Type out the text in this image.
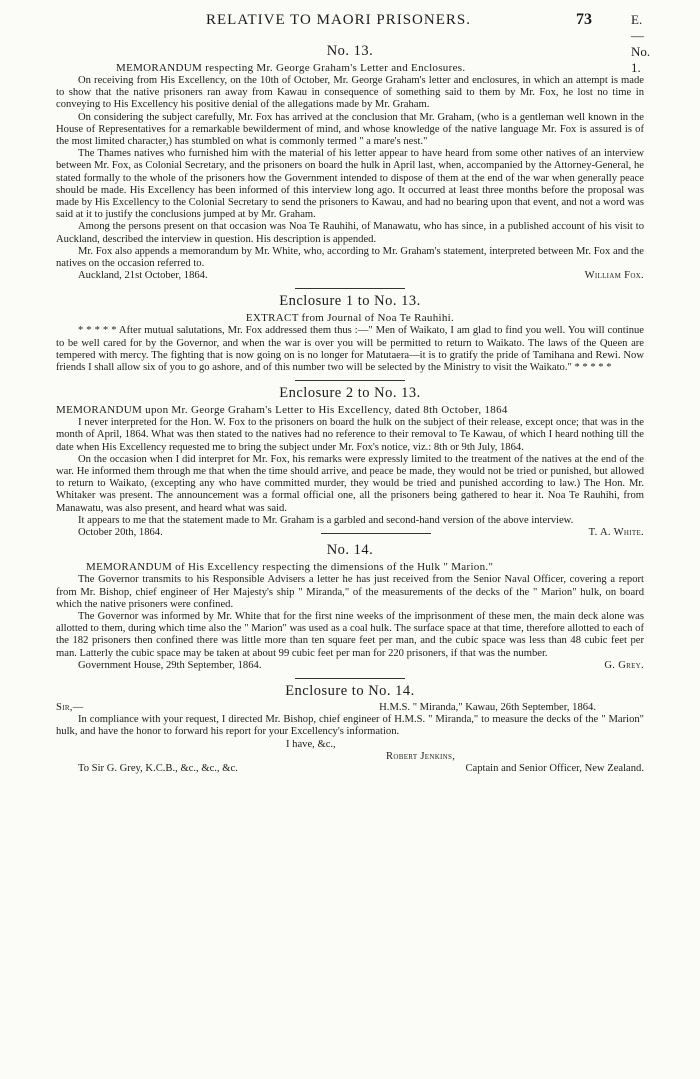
RELATIVE TO MAORI PRISONERS.	73	E.—No. 1.
No. 13.
MEMORANDUM respecting Mr. George Graham's Letter and Enclosures.

On receiving from His Excellency, on the 10th of October, Mr. George Graham's letter and enclosures, in which an attempt is made to show that the native prisoners ran away from Kawau in consequence of something said to them by Mr. Fox, he lost no time in conveying to His Excellency his positive denial of the allegations made by Mr. Graham.

On considering the subject carefully, Mr. Fox has arrived at the conclusion that Mr. Graham, (who is a gentleman well known in the House of Representatives for a remarkable bewilderment of mind, and whose knowledge of the native language Mr. Fox is assured is of the most limited character,) has stumbled on what is commonly termed " a mare's nest."

The Thames natives who furnished him with the material of his letter appear to have heard from some other natives of an interview between Mr. Fox, as Colonial Secretary, and the prisoners on board the hulk in April last, when, accompanied by the Attorney-General, he stated formally to the whole of the prisoners how the Government intended to dispose of them at the end of the war when generally peace should be made. His Excellency has been informed of this interview long ago. It occurred at least three months before the proposal was made by His Excellency to the Colonial Secretary to send the prisoners to Kawau, and had no bearing upon that event, and not a word was said at it to justify the conclusions jumped at by Mr. Graham.

Among the persons present on that occasion was Noa Te Rauhihi, of Manawatu, who has since, in a published account of his visit to Auckland, described the interview in question. His description is appended.

Mr. Fox also appends a memorandum by Mr. White, who, according to Mr. Graham's statement, interpreted between Mr. Fox and the natives on the occasion referred to.

Auckland, 21st October, 1864.	William Fox.
Enclosure 1 to No. 13.
EXTRACT from Journal of Noa Te Rauhihi.

* * * * * After mutual salutations, Mr. Fox addressed them thus :—" Men of Waikato, I am glad to find you well. You will continue to be well cared for by the Governor, and when the war is over you will be permitted to return to Waikato. The laws of the Queen are tempered with mercy. The fighting that is now going on is no longer for Matutaera—it is to gratify the pride of Tamihana and Rewi. Now friends I shall allow six of you to go ashore, and of this number two will be selected by the Ministry to visit the Waikato." * * * * *

Enclosure 2 to No. 13.
MEMORANDUM upon Mr. George Graham's Letter to His Excellency, dated 8th October, 1864

I never interpreted for the Hon. W. Fox to the prisoners on board the hulk on the subject of their release, except once; that was in the month of April, 1864. What was then stated to the natives had no reference to their removal to Te Kawau, of which I heard nothing till the date when His Excellency requested me to bring the subject under Mr. Fox's notice, viz.: 8th or 9th July, 1864.

On the occasion when I did interpret for Mr. Fox, his remarks were expressly limited to the treatment of the natives at the end of the war. He informed them through me that when the time should arrive, and peace be made, they would not be tried or punished, but allowed to return to Waikato, (excepting any who have committed murder, they would be tried and punished according to law.) The Hon. Mr. Whitaker was present. The announcement was a formal official one, all the prisoners being gathered to hear it. Noa Te Rauhihi, from Manawatu, was also present, and heard what was said.

It appears to me that the statement made to Mr. Graham is a garbled and second-hand version of the above interview.

October 20th, 1864.	T. A. White.
No. 14.
MEMORANDUM of His Excellency respecting the dimensions of the Hulk " Marion."

The Governor transmits to his Responsible Advisers a letter he has just received from the Senior Naval Officer, covering a report from Mr. Bishop, chief engineer of Her Majesty's ship " Miranda," of the measurements of the decks of the " Marion" hulk, on board which the native prisoners were confined.

The Governor was informed by Mr. White that for the first nine weeks of the imprisonment of these men, the main deck alone was allotted to them, during which time also the " Marion" was used as a coal hulk. The surface space at that time, therefore allotted to each of the 182 prisoners then confined there was little more than ten square feet per man, and the cubic space was less than 48 cubic feet per man. Latterly the cubic space may be taken at about 99 cubic feet per man for 220 prisoners, if that was the number.

Government House, 29th September, 1864.	G. Grey.
Enclosure to No. 14.
Sir,—	H.M.S. " Miranda," Kawau, 26th September, 1864.

In compliance with your request, I directed Mr. Bishop, chief engineer of H.M.S. " Miranda," to measure the decks of the " Marion" hulk, and have the honor to forward his report for your Excellency's information.

I have, &c.,
Robert Jenkins,
To Sir G. Grey, K.C.B., &c., &c., &c.	Captain and Senior Officer, New Zealand.
